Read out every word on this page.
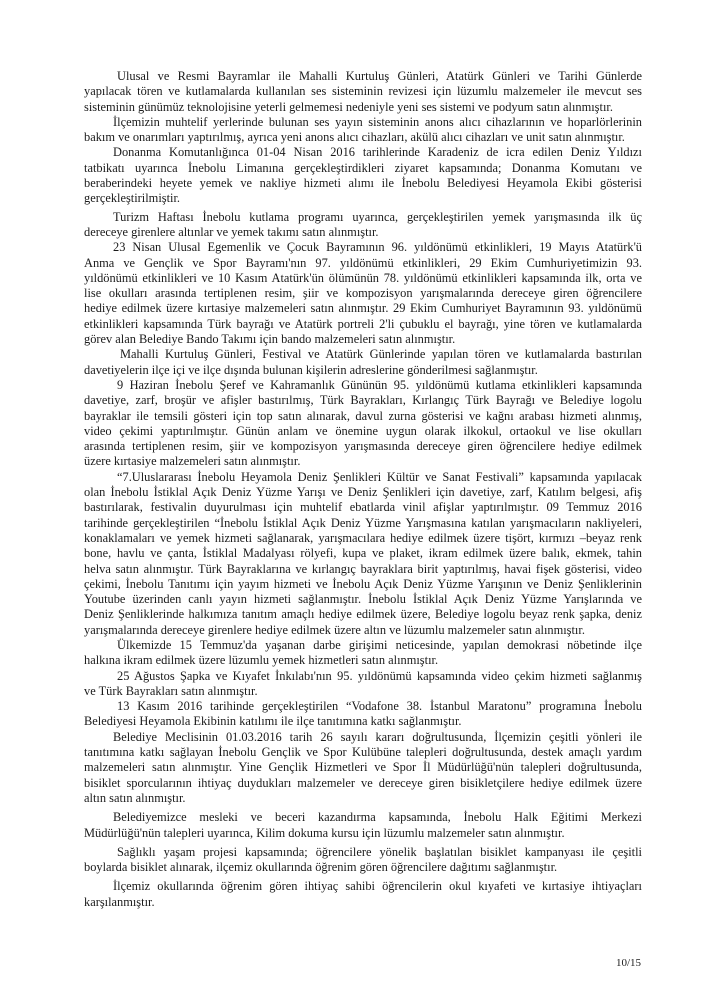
Ulusal ve Resmi Bayramlar ile Mahalli Kurtuluş Günleri, Atatürk Günleri ve Tarihi Günlerde
yapılacak tören ve kutlamalarda kullanılan ses sisteminin revizesi için lüzumlu malzemeler ile mevcut ses
sisteminin günümüz teknolojisine yeterli gelmemesi nedeniyle yeni ses sistemi ve podyum satın alınmıştır.
İlçemizin muhtelif yerlerinde bulunan ses yayın sisteminin anons alıcı cihazlarının ve hoparlörlerinin
bakım ve onarımları yaptırılmış, ayrıca yeni anons alıcı cihazları, akülü alıcı cihazları ve unit satın alınmıştır.
Donanma Komutanlığınca 01-04 Nisan 2016 tarihlerinde Karadeniz de icra edilen Deniz Yıldızı
tatbikatı uyarınca İnebolu Limanına gerçekleştirdikleri ziyaret kapsamında; Donanma Komutanı ve
beraberindeki heyete yemek ve nakliye hizmeti alımı ile İnebolu Belediyesi Heyamola Ekibi gösterisi
gerçekleştirilmiştir.
Turizm Haftası İnebolu kutlama programı uyarınca, gerçekleştirilen yemek yarışmasında ilk üç
dereceye girenlere altınlar ve yemek takımı satın alınmıştır.
23 Nisan Ulusal Egemenlik ve Çocuk Bayramının 96. yıldönümü etkinlikleri, 19 Mayıs Atatürk'ü
Anma ve Gençlik ve Spor Bayramı'nın 97. yıldönümü etkinlikleri, 29 Ekim Cumhuriyetimizin 93.
yıldönümü etkinlikleri ve 10 Kasım Atatürk'ün ölümünün 78. yıldönümü etkinlikleri kapsamında ilk, orta ve
lise okulları arasında tertiplenen resim, şiir ve kompozisyon yarışmalarında dereceye giren öğrencilere
hediye edilmek üzere kırtasiye malzemeleri satın alınmıştır. 29 Ekim Cumhuriyet Bayramının 93. yıldönümü
etkinlikleri kapsamında Türk bayrağı ve Atatürk portreli 2'li çubuklu el bayrağı, yine tören ve kutlamalarda
görev alan Belediye Bando Takımı için bando malzemeleri satın alınmıştır.
Mahalli Kurtuluş Günleri, Festival ve Atatürk Günlerinde yapılan tören ve kutlamalarda bastırılan
davetiyelerin ilçe içi ve ilçe dışında bulunan kişilerin adreslerine gönderilmesi sağlanmıştır.
9 Haziran İnebolu Şeref ve Kahramanlık Gününün 95. yıldönümü kutlama etkinlikleri kapsamında
davetiye, zarf, broşür ve afişler bastırılmış, Türk Bayrakları, Kırlangıç Türk Bayrağı ve Belediye logolu
bayraklar ile temsili gösteri için top satın alınarak, davul zurna gösterisi ve kağnı arabası hizmeti alınmış,
video çekimi yaptırılmıştır. Günün anlam ve önemine uygun olarak ilkokul, ortaokul ve lise okulları
arasında tertiplenen resim, şiir ve kompozisyon yarışmasında dereceye giren öğrencilere hediye edilmek
üzere kırtasiye malzemeleri satın alınmıştır.
“7.Uluslararası İnebolu Heyamola Deniz Şenlikleri Kültür ve Sanat Festivali” kapsamında yapılacak
olan İnebolu İstiklal Açık Deniz Yüzme Yarışı ve Deniz Şenlikleri için davetiye, zarf, Katılım belgesi, afiş
bastırılarak, festivalin duyurulması için muhtelif ebatlarda vinil afişlar yaptırılmıştır. 09 Temmuz 2016
tarihinde gerçekleştirilen “İnebolu İstiklal Açık Deniz Yüzme Yarışmasına katılan yarışmacıların nakliyeleri,
konaklamaları ve yemek hizmeti sağlanarak, yarışmacılara hediye edilmek üzere tişört, kırmızı –beyaz renk
bone, havlu ve çanta, İstiklal Madalyası rölyefi, kupa ve plaket, ikram edilmek üzere balık, ekmek, tahin
helva satın alınmıştır. Türk Bayraklarına ve kırlangıç bayraklara birit yaptırılmış, havai fişek gösterisi, video
çekimi, İnebolu Tanıtımı için yayım hizmeti ve İnebolu Açık Deniz Yüzme Yarışının ve Deniz Şenliklerinin
Youtube üzerinden canlı yayın hizmeti sağlanmıştır. İnebolu İstiklal Açık Deniz Yüzme Yarışlarında ve
Deniz Şenliklerinde halkımıza tanıtım amaçlı hediye edilmek üzere, Belediye logolu beyaz renk şapka, deniz
yarışmalarında dereceye girenlere hediye edilmek üzere altın ve lüzumlu malzemeler satın alınmıştır.
Ülkemizde 15 Temmuz'da yaşanan darbe girişimi neticesinde, yapılan demokrasi nöbetinde ilçe
halkına ikram edilmek üzere lüzumlu yemek hizmetleri satın alınmıştır.
25 Ağustos Şapka ve Kıyafet İnkılabı'nın 95. yıldönümü kapsamında video çekim hizmeti sağlanmış
ve Türk Bayrakları satın alınmıştır.
13 Kasım 2016 tarihinde gerçekleştirilen “Vodafone 38. İstanbul Maratonu” programına İnebolu
Belediyesi Heyamola Ekibinin katılımı ile ilçe tanıtımına katkı sağlanmıştır.
Belediye Meclisinin 01.03.2016 tarih 26 sayılı kararı doğrultusunda, İlçemizin çeşitli yönleri ile
tanıtımına katkı sağlayan İnebolu Gençlik ve Spor Kulübüne talepleri doğrultusunda, destek amaçlı yardım
malzemeleri satın alınmıştır. Yine Gençlik Hizmetleri ve Spor İl Müdürlüğü'nün talepleri doğrultusunda,
bisiklet sporcularının ihtiyaç duydukları malzemeler ve dereceye giren bisikletçilere hediye edilmek üzere
altın satın alınmıştır.
Belediyemizce mesleki ve beceri kazandırma kapsamında, İnebolu Halk Eğitimi Merkezi
Müdürlüğü'nün talepleri uyarınca, Kilim dokuma kursu için lüzumlu malzemeler satın alınmıştır.
Sağlıklı yaşam projesi kapsamında; öğrencilere yönelik başlatılan bisiklet kampanyası ile çeşitli
boylarda bisiklet alınarak, ilçemiz okullarında öğrenim gören öğrencilere dağıtımı sağlanmıştır.
İlçemiz okullarında öğrenim gören ihtiyaç sahibi öğrencilerin okul kıyafeti ve kırtasiye ihtiyaçları
karşılanmıştır.
10/15
